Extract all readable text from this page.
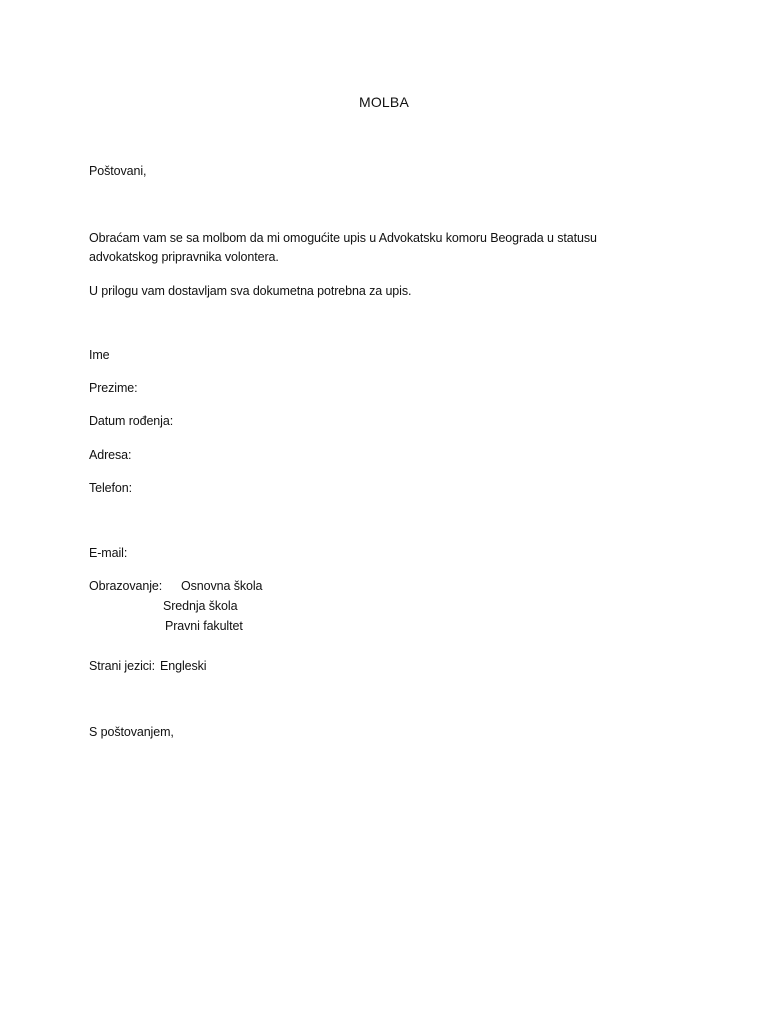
MOLBA
Poštovani,
Obraćam vam se sa molbom da mi omogućite upis u Advokatsku komoru Beograda u statusu
advokatskog pripravnika volontera.
U prilogu vam dostavljam sva dokumetna potrebna za upis.
Ime
Prezime:
Datum rođenja:
Adresa:
Telefon:
E-mail:
Obrazovanje: Osnovna škola
Srednja škola
Pravni fakultet
Strani jezici: Engleski
S poštovanjem,
